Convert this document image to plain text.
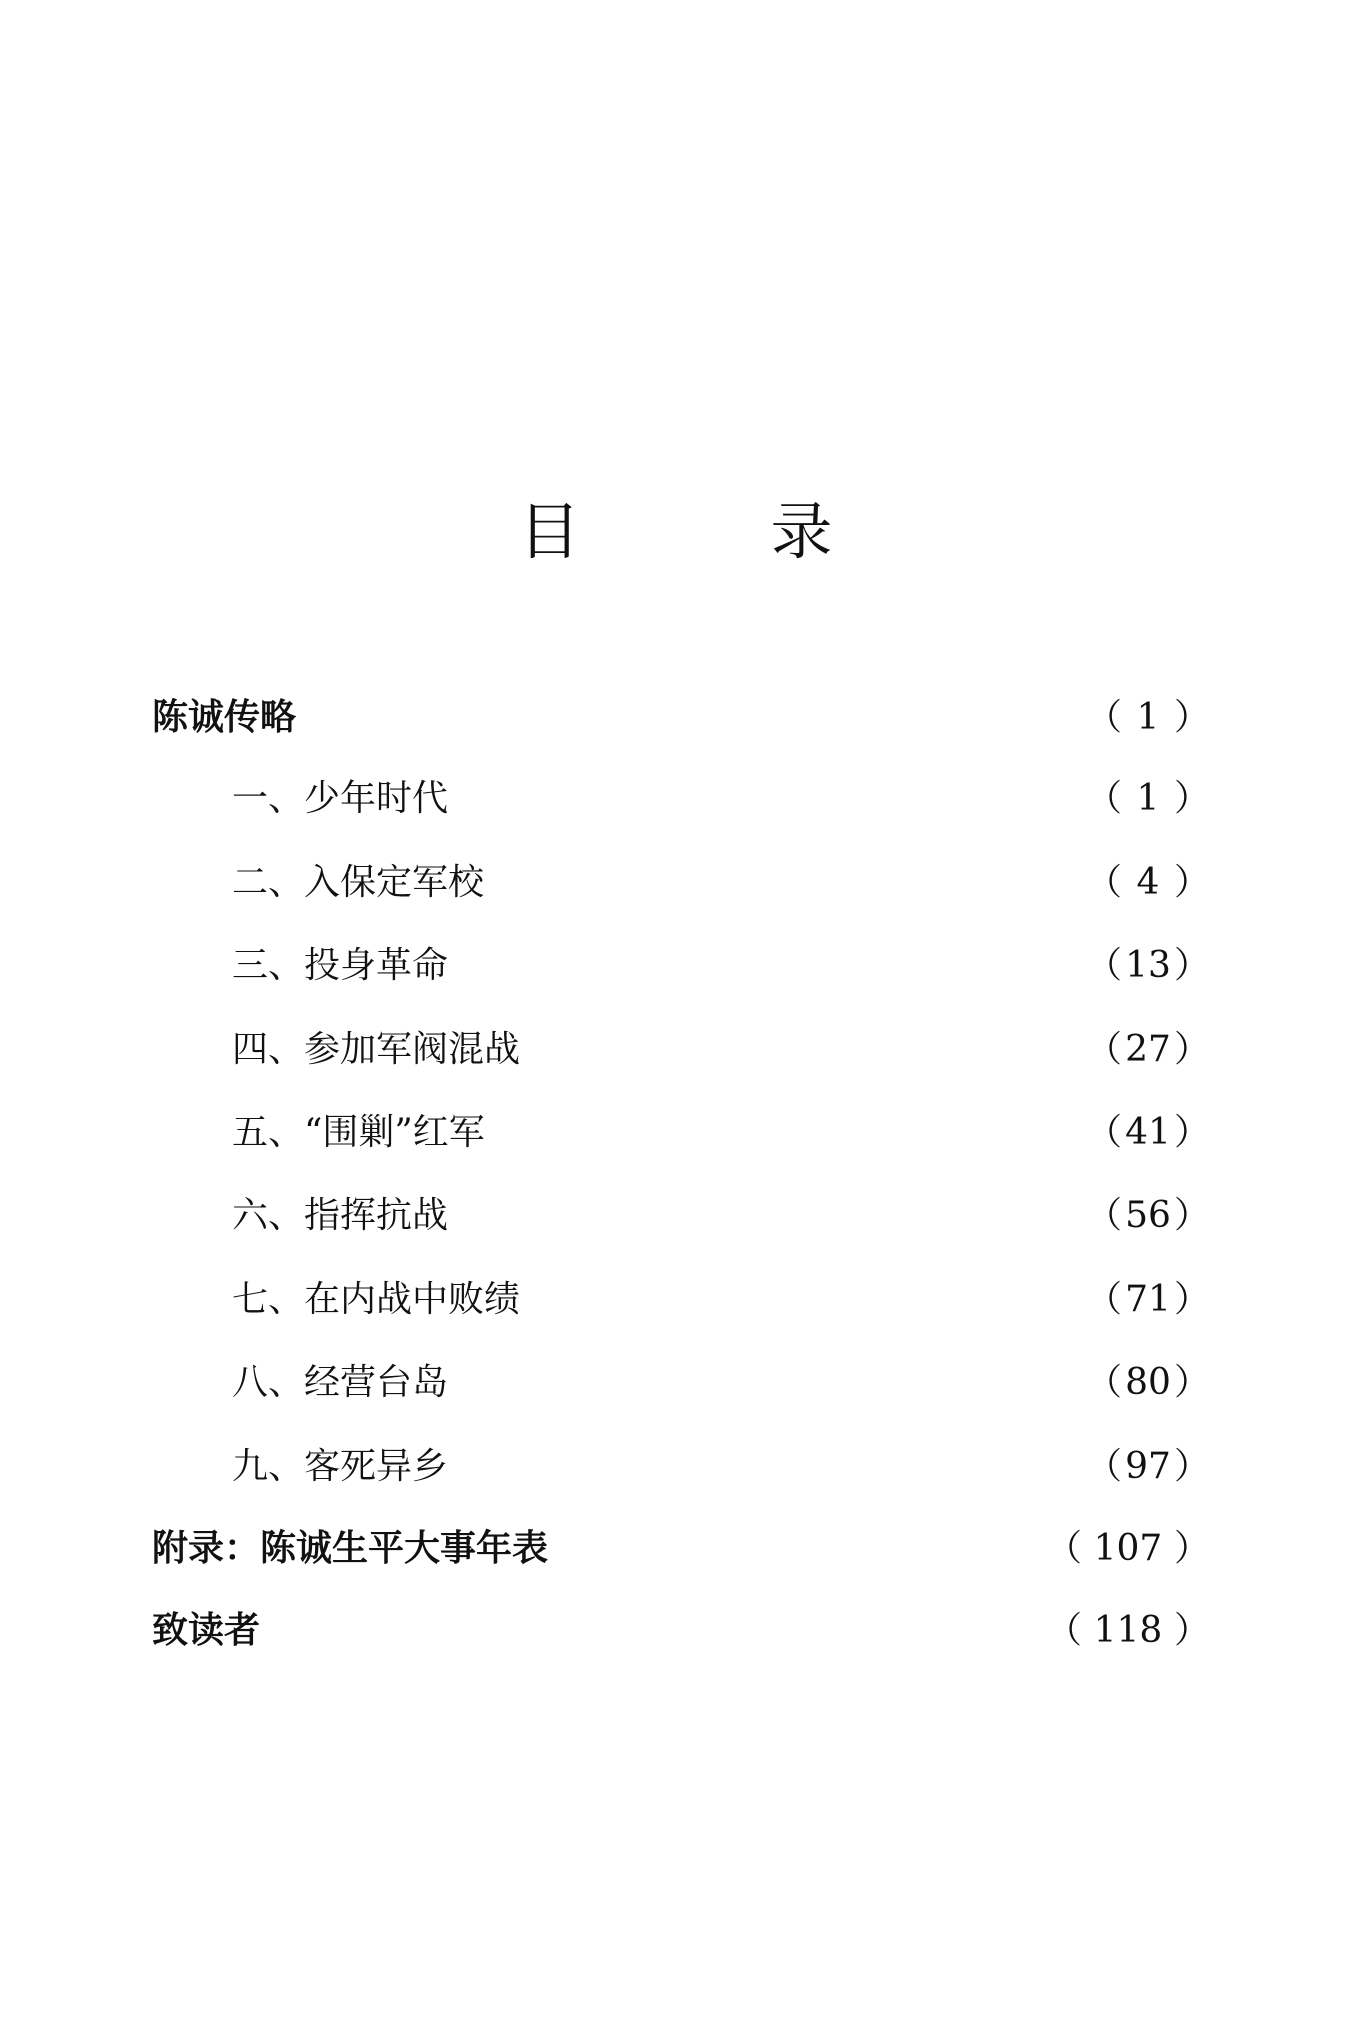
目	录
陈诚传略	（ 1 ）
一、少年时代	（ 1 ）
二、入保定军校	（ 4 ）
三、投身革命	（ 13 ）
四、参加军阀混战	（ 27 ）
五、“围剿”红军	（ 41 ）
六、指挥抗战	（ 56 ）
七、在内战中败绩	（ 71 ）
八、经营台岛	（ 80 ）
九、客死异乡	（ 97 ）
附录：陈诚生平大事年表	（ 107 ）
致读者	（ 118 ）
